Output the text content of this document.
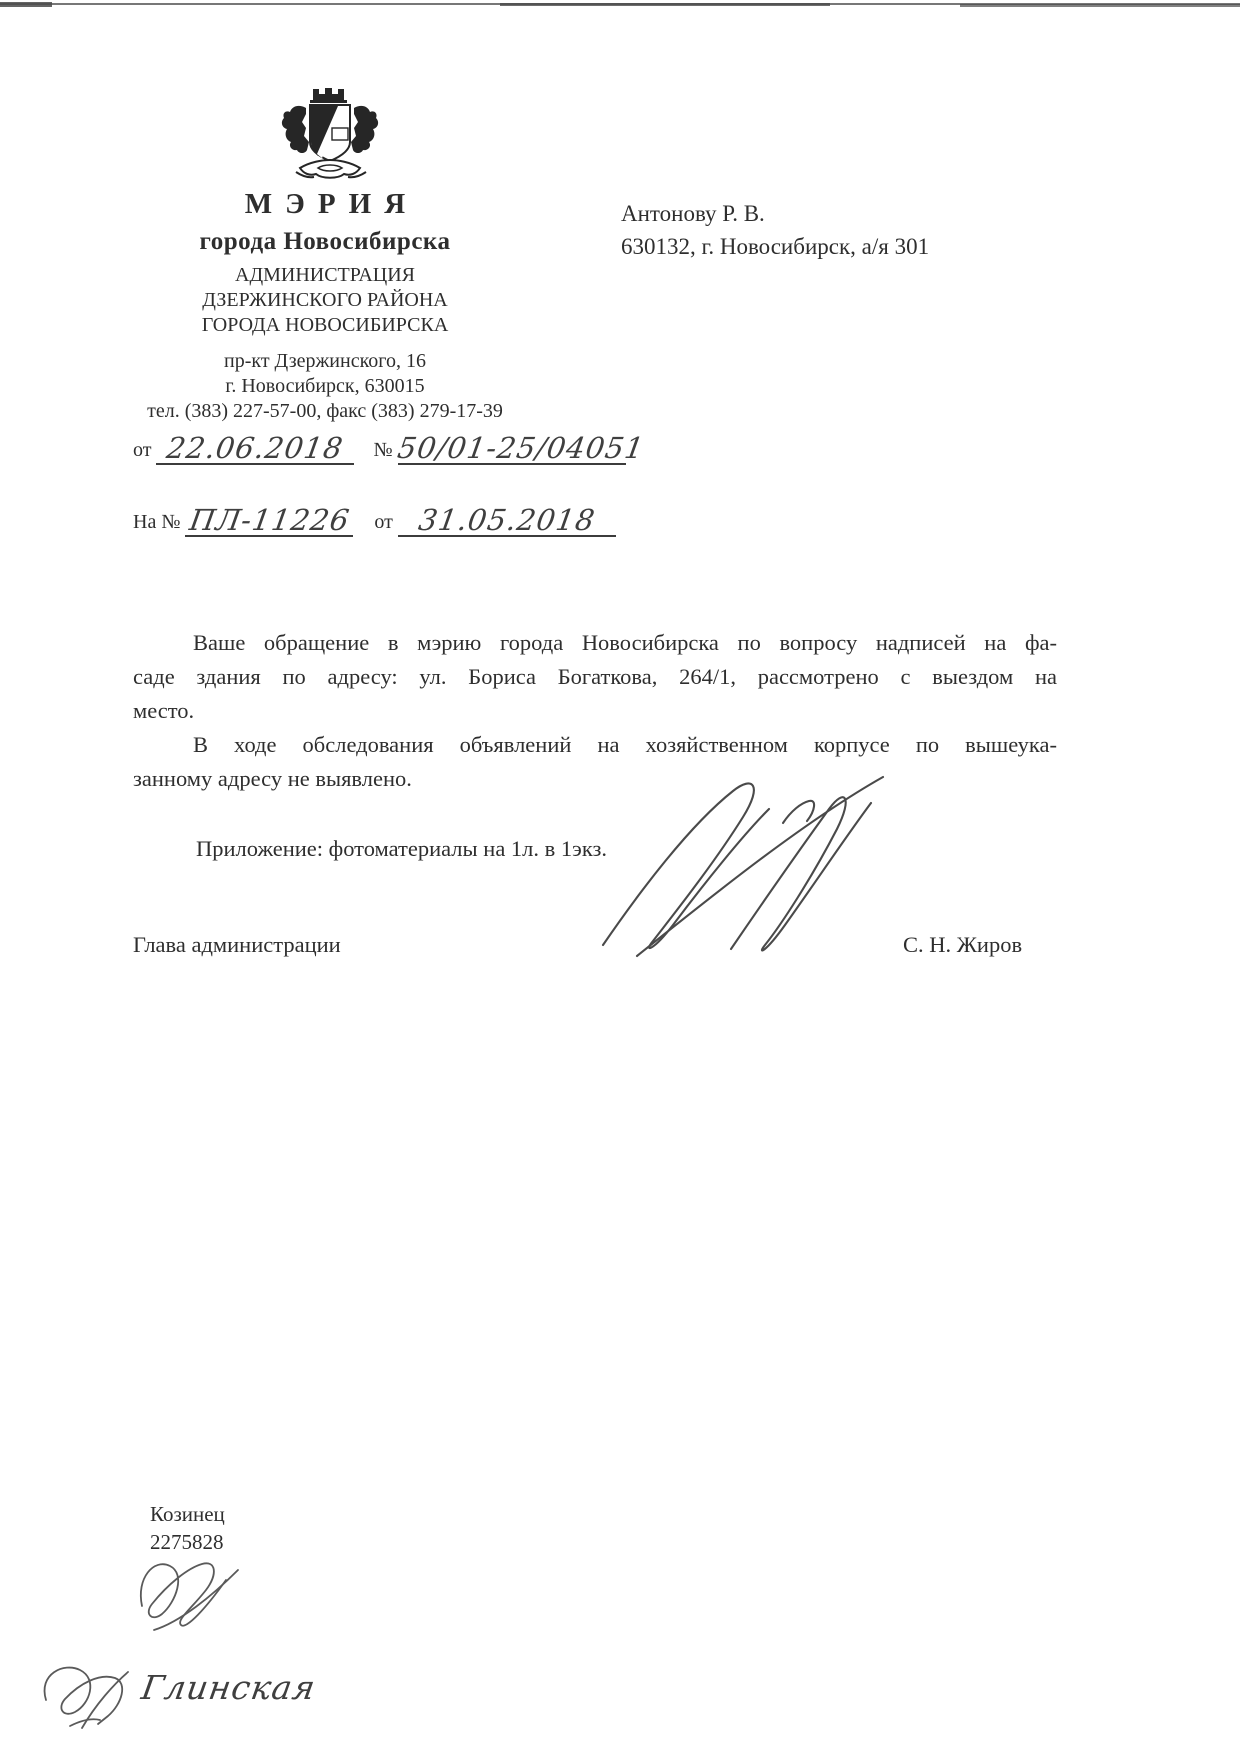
МЭРИЯ
города Новосибирска
АДМИНИСТРАЦИЯ
ДЗЕРЖИНСКОГО РАЙОНА
ГОРОДА НОВОСИБИРСКА
пр-кт Дзержинского, 16
г. Новосибирск, 630015
тел. (383) 227-57-00, факс (383) 279-17-39
Антонову Р. В.
630132, г. Новосибирск, а/я 301
от 22.06.2018 № 50/01-25/04051
На № ПЛ-11226 от 31.05.2018
Ваше обращение в мэрию города Новосибирска по вопросу надписей на фа-
саде здания по адресу: ул. Бориса Богаткова, 264/1, рассмотрено с выездом на
место.
В ходе обследования объявлений на хозяйственном корпусе по вышеука-
занному адресу не выявлено.
Приложение: фотоматериалы на 1л. в 1экз.
Глава администрации	С. Н. Жиров
Козинец
2275828
Глинская
